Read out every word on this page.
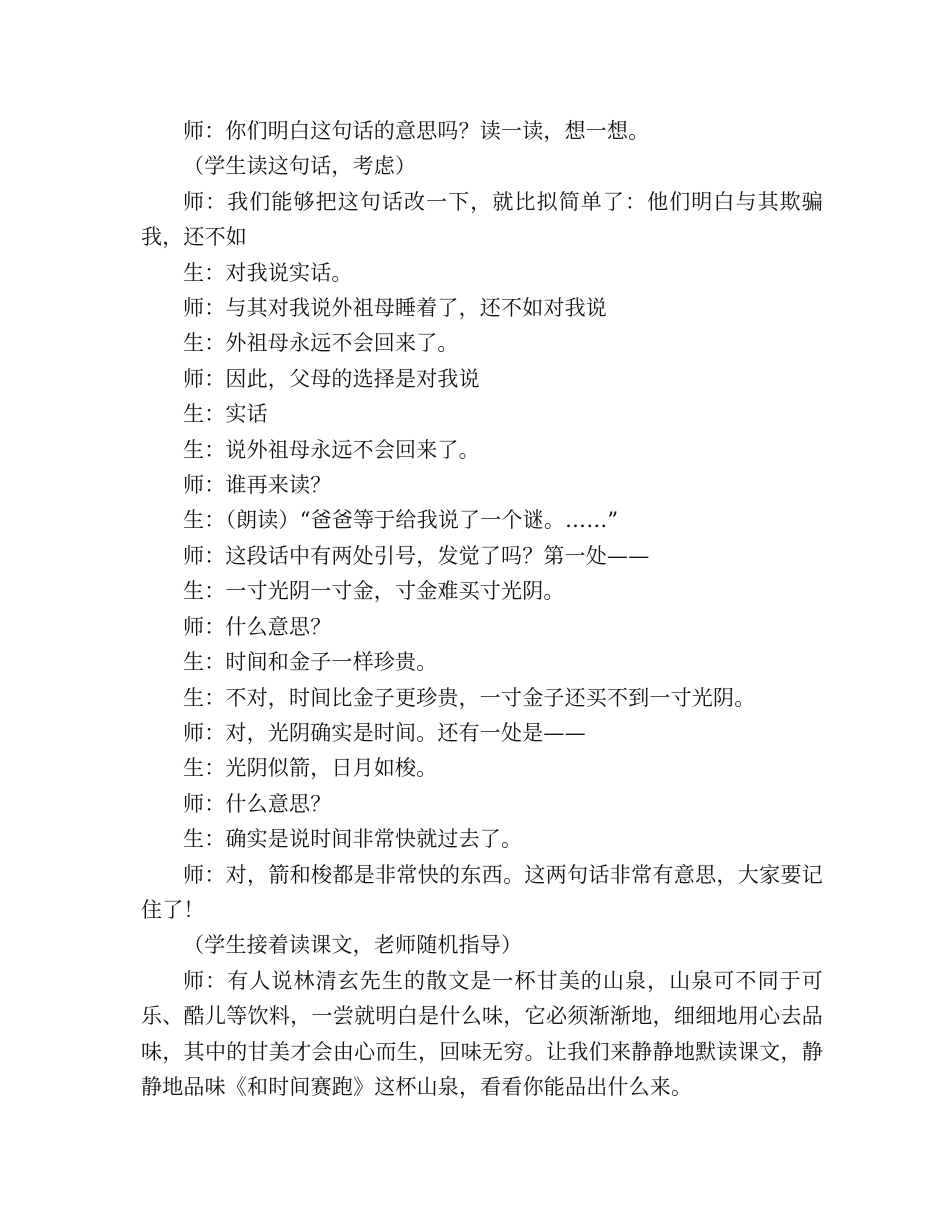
师：你们明白这句话的意思吗？读一读，想一想。

（学生读这句话，考虑）

师：我们能够把这句话改一下，就比拟简单了：他们明白与其欺骗我，还不如

生：对我说实话。

师：与其对我说外祖母睡着了，还不如对我说

生：外祖母永远不会回来了。

师：因此，父母的选择是对我说

生：实话

生：说外祖母永远不会回来了。

师：谁再来读？

生：（朗读）“爸爸等于给我说了一个谜。……”

师：这段话中有两处引号，发觉了吗？第一处——

生：一寸光阴一寸金，寸金难买寸光阴。

师：什么意思？

生：时间和金子一样珍贵。

生：不对，时间比金子更珍贵，一寸金子还买不到一寸光阴。

师：对，光阴确实是时间。还有一处是——

生：光阴似箭，日月如梭。

师：什么意思？

生：确实是说时间非常快就过去了。

师：对，箭和梭都是非常快的东西。这两句话非常有意思，大家要记住了！

（学生接着读课文，老师随机指导）

师：有人说林清玄先生的散文是一杯甘美的山泉，山泉可不同于可乐、酷儿等饮料，一尝就明白是什么味，它必须渐渐地，细细地用心去品味，其中的甘美才会由心而生，回味无穷。让我们来静静地默读课文，静静地品味《和时间赛跑》这杯山泉，看看你能品出什么来。
